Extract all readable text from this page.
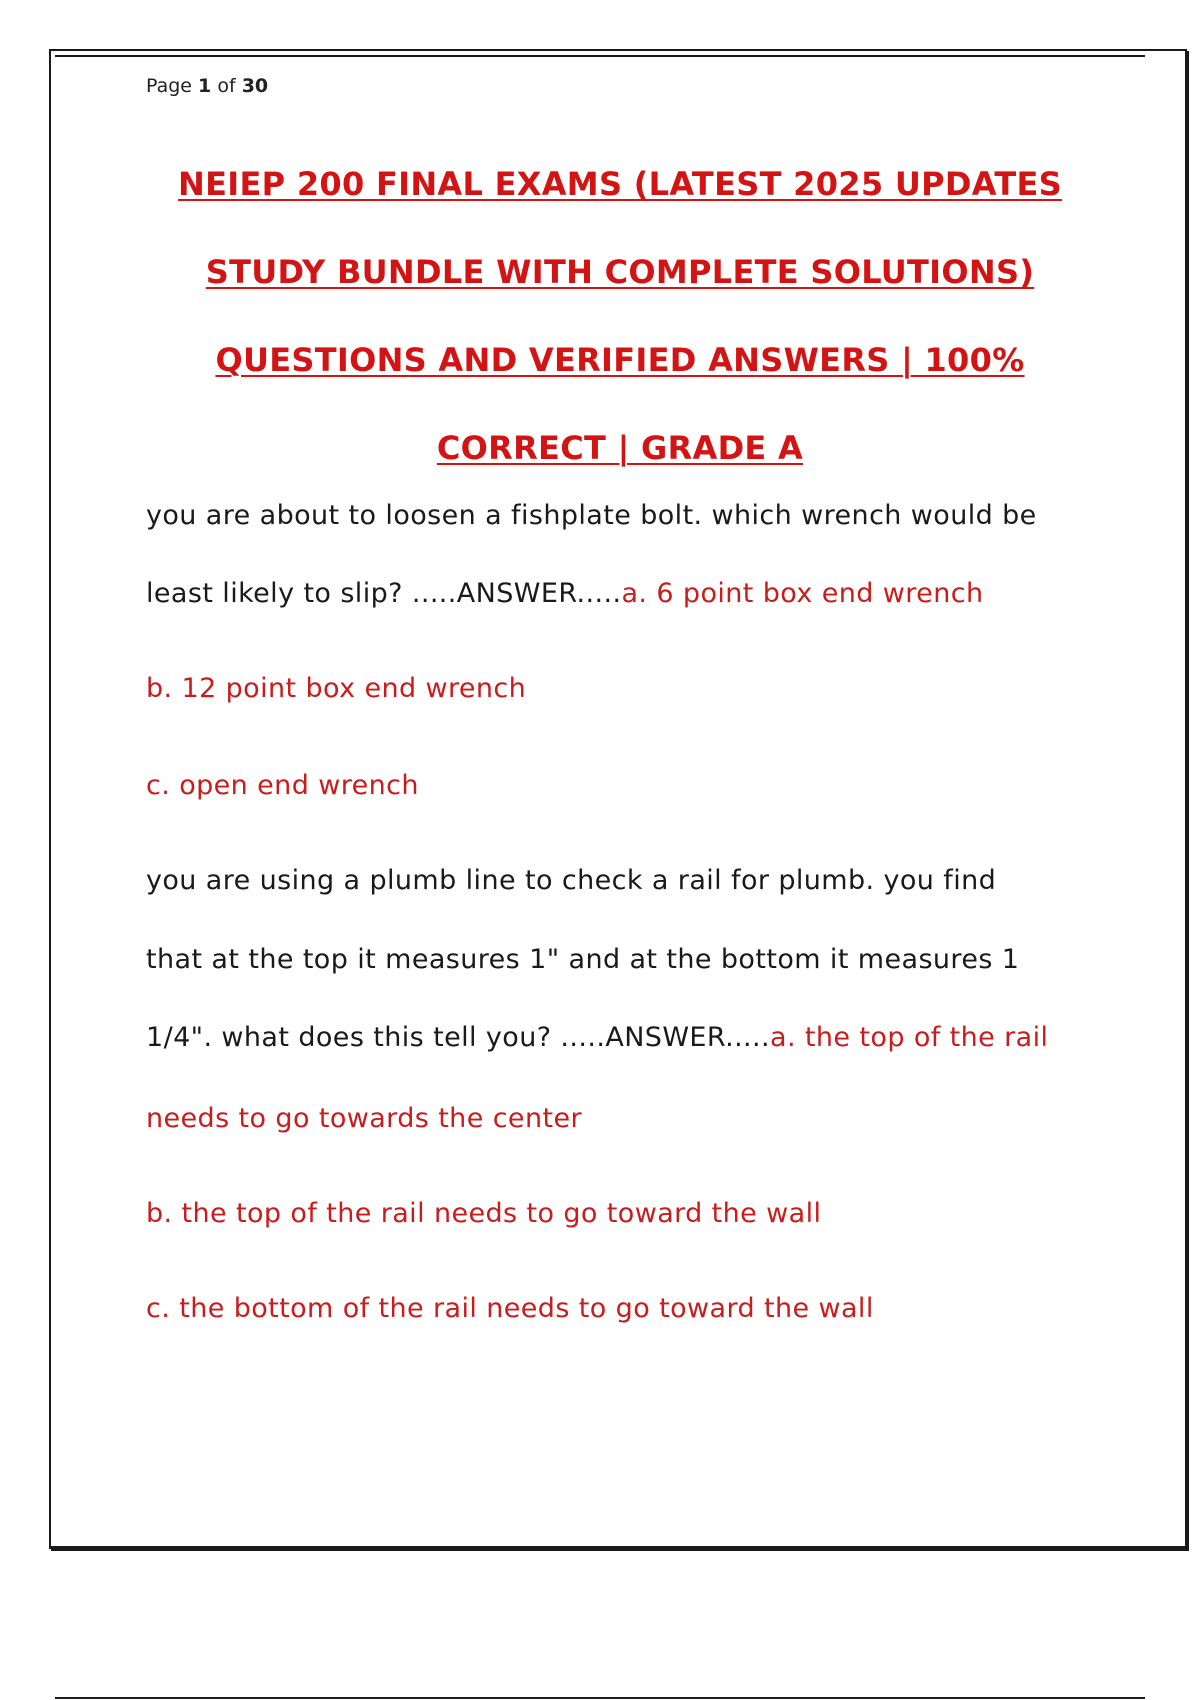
Page 1 of 30

NEIEP 200 FINAL EXAMS (LATEST 2025 UPDATES

STUDY BUNDLE WITH COMPLETE SOLUTIONS)

QUESTIONS AND VERIFIED ANSWERS | 100%

CORRECT | GRADE A

you are about to loosen a fishplate bolt. which wrench would be

least likely to slip? .....ANSWER.....a. 6 point box end wrench

b. 12 point box end wrench

c. open end wrench

you are using a plumb line to check a rail for plumb. you find

that at the top it measures 1" and at the bottom it measures 1

1/4". what does this tell you? .....ANSWER.....a. the top of the rail

needs to go towards the center

b. the top of the rail needs to go toward the wall

c. the bottom of the rail needs to go toward the wall
